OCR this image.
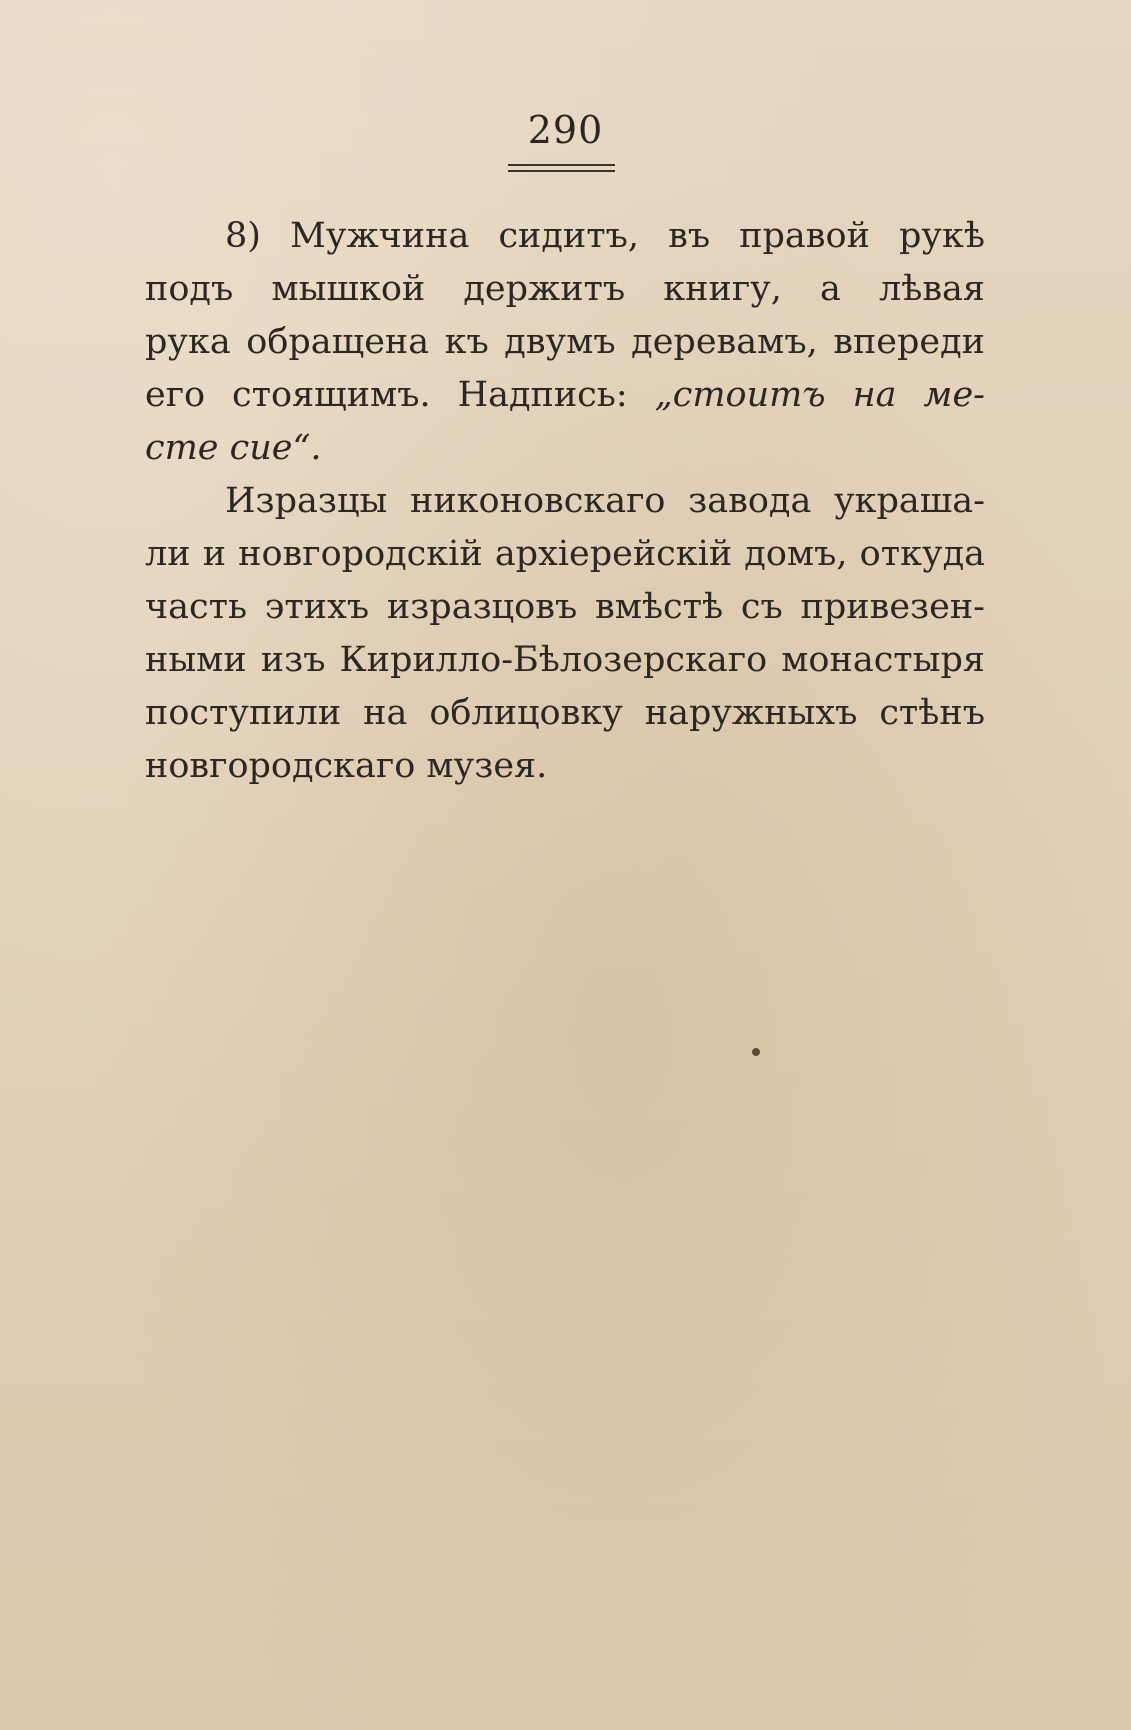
290
8) Мужчина сидитъ, въ правой рукѣ
подъ мышкой держитъ книгу, а лѣвая
рука обращена къ двумъ деревамъ, впереди
его стоящимъ. Надпись: „стоитъ на ме-
сте сие“.
Изразцы никоновскаго завода украша-
ли и новгородскій архіерейскій домъ, откуда
часть этихъ изразцовъ вмѣстѣ съ привезен-
ными изъ Кирилло-Бѣлозерскаго монастыря
поступили на облицовку наружныхъ стѣнъ
новгородскаго музея.
